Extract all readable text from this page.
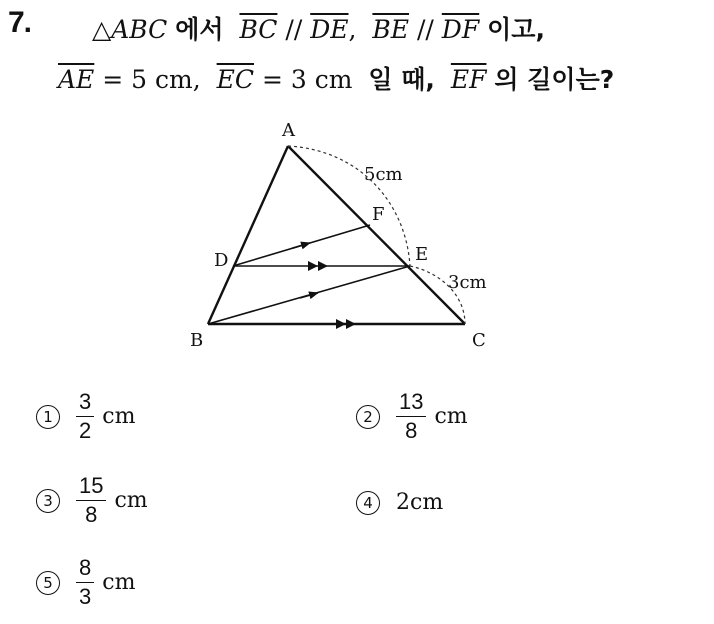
7. △ABC 에서 $\overline{BC} // \overline{DE}$, $\overline{BE} // \overline{DF}$ 이고,
$\overline{AE} = 5$ cm, $\overline{EC} = 3$ cm 일 때, $\overline{EF}$ 의 길이는?
A
B	C
D	E
F
5cm
3cm
1	$\frac{3}{2}$ cm	2	$\frac{13}{8}$ cm
3	$\frac{15}{8}$ cm	4	2cm
5	$\frac{8}{3}$ cm
